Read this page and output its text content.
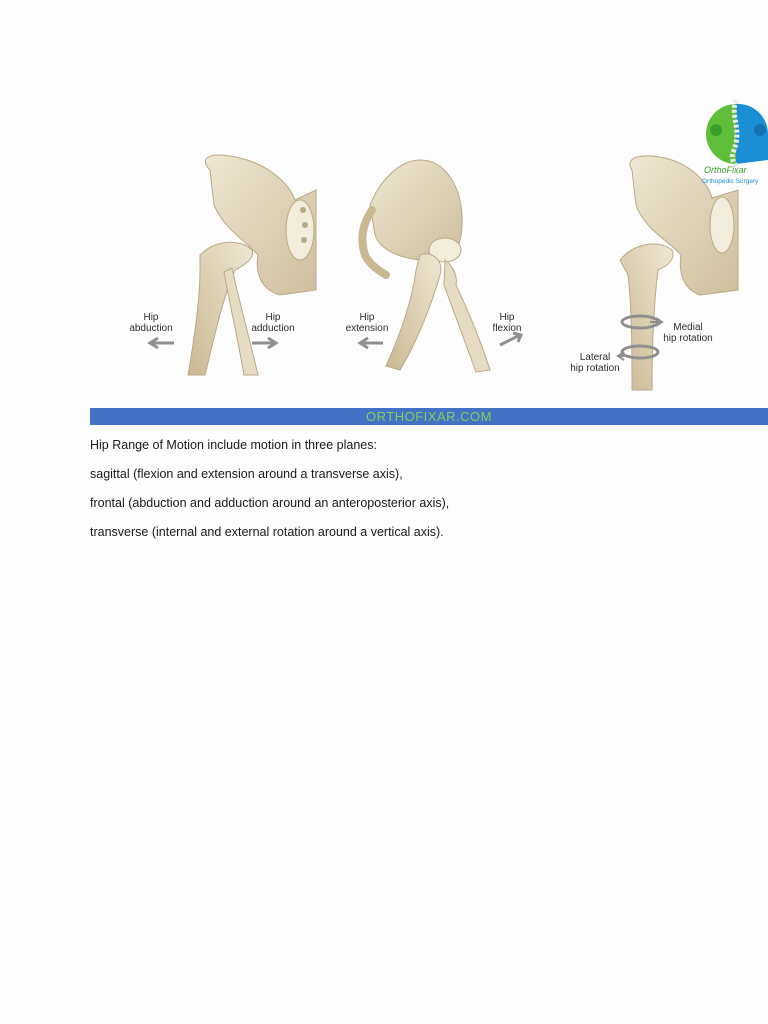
Hip
abduction
Hip
adduction
Hip
extension
Hip
flexion	Medial
hip rotation
Lateral
hip rotation
OrthoFixar
Orthopedic Surgery
ORTHOFIXAR.COM
Hip Range of Motion include motion in three planes:
sagittal (flexion and extension around a transverse axis),
frontal (abduction and adduction around an anteroposterior axis),
transverse (internal and external rotation around a vertical axis).
